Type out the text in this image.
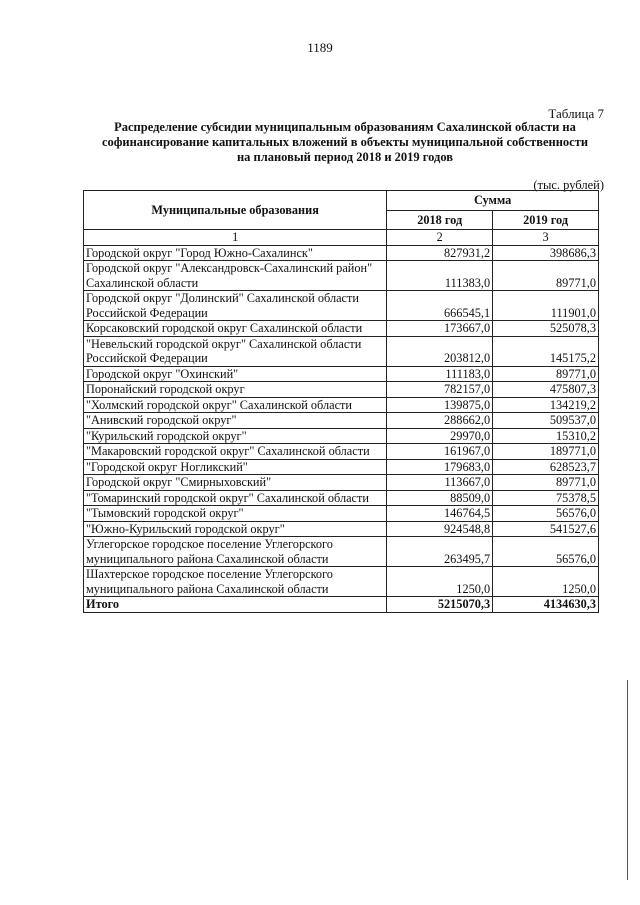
1189
Таблица 7
Распределение субсидии муниципальным образованиям Сахалинской области на
софинансирование капитальных вложений в объекты муниципальной собственности
на плановый период 2018 и 2019 годов
(тыс. рублей)
Муниципальные образования	Сумма	
	2018 год	2019 год
1	2	3

Городской округ "Город Южно-Сахалинск"	827931,2	398686,3

Городской округ "Александровск-Сахалинский район"
Сахалинской области	111383,0	89771,0

Городской округ "Долинский" Сахалинской области
Российской Федерации	666545,1	111901,0

Корсаковский городской округ Сахалинской области	173667,0	525078,3

"Невельский городской округ" Сахалинской области
Российской Федерации	203812,0	145175,2

Городской округ "Охинский"	111183,0	89771,0

Поронайский городской округ	782157,0	475807,3

"Холмский городской округ" Сахалинской области	139875,0	134219,2

"Анивский городской округ"	288662,0	509537,0

"Курильский городской округ"	29970,0	15310,2

"Макаровский городской округ" Сахалинской области	161967,0	189771,0

"Городской округ Ногликский"	179683,0	628523,7

Городской округ "Смирныховский"	113667,0	89771,0

"Томаринский городской округ" Сахалинской области	88509,0	75378,5

"Тымовский городской округ"	146764,5	56576,0

"Южно-Курильский городской округ"	924548,8	541527,6

Углегорское городское поселение Углегорского
муниципального района Сахалинской области	263495,7	56576,0

Шахтерское городское поселение Углегорского
муниципального района Сахалинской области	1250,0	1250,0
Итого	5215070,3	4134630,3
